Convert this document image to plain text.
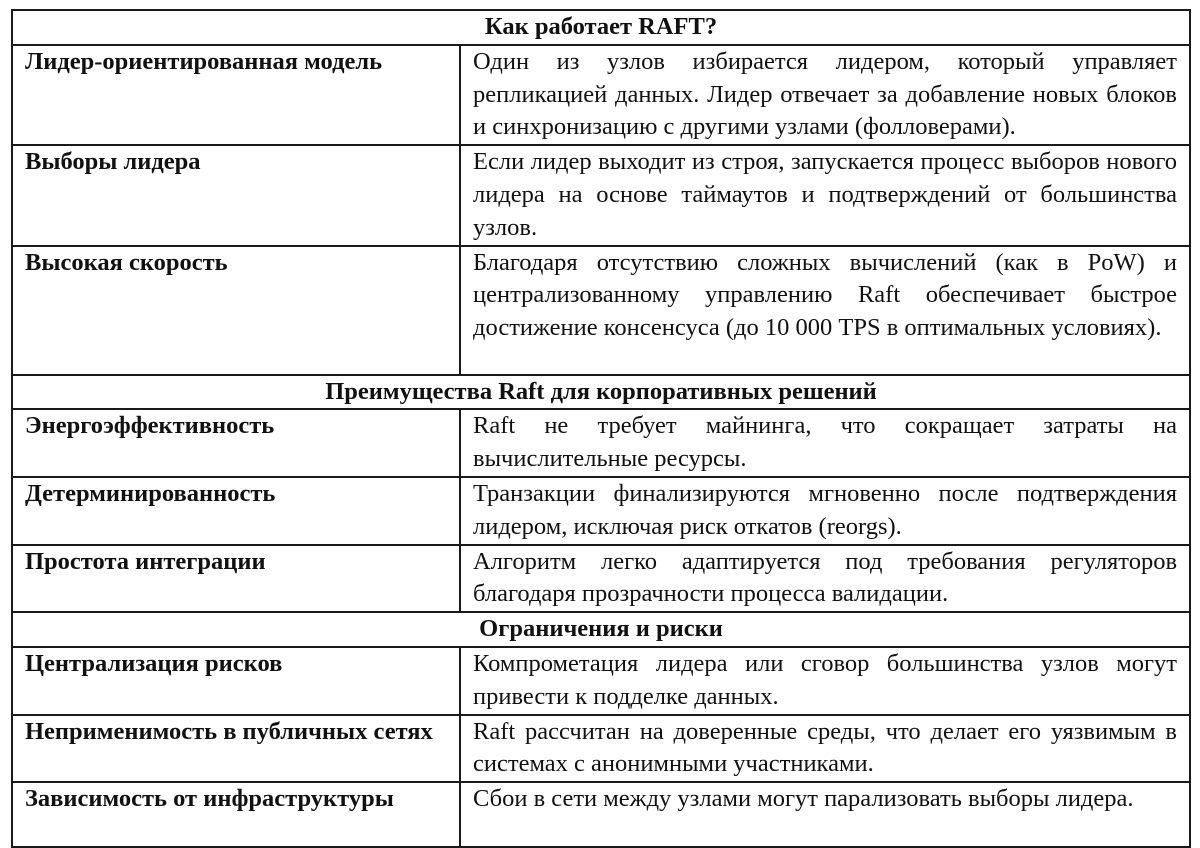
Как работает RAFT?	
Лидер-ориентированная модель	Один из узлов избирается лидером, который управляет репликацией данных. Лидер отвечает за добавление новых блоков и синхронизацию с другими узлами (фолловерами).
Выборы лидера	Если лидер выходит из строя, запускается процесс выборов нового лидера на основе таймаутов и подтверждений от большинства узлов.
Высокая скорость	Благодаря отсутствию сложных вычислений (как в PoW) и централизованному управлению Raft обеспечивает быстрое достижение консенсуса (до 10 000 TPS в оптимальных условиях).
Преимущества Raft для корпоративных решений	
Энергоэффективность	Raft не требует майнинга, что сокращает затраты на вычислительные ресурсы.
Детерминированность	Транзакции финализируются мгновенно после подтверждения лидером, исключая риск откатов (reorgs).
Простота интеграции	Алгоритм легко адаптируется под требования регуляторов благодаря прозрачности процесса валидации.
Ограничения и риски	
Централизация рисков	Компрометация лидера или сговор большинства узлов могут привести к подделке данных.
Неприменимость в публичных сетях	Raft рассчитан на доверенные среды, что делает его уязвимым в системах с анонимными участниками.
Зависимость от инфраструктуры	Сбои в сети между узлами могут парализовать выборы лидера.
